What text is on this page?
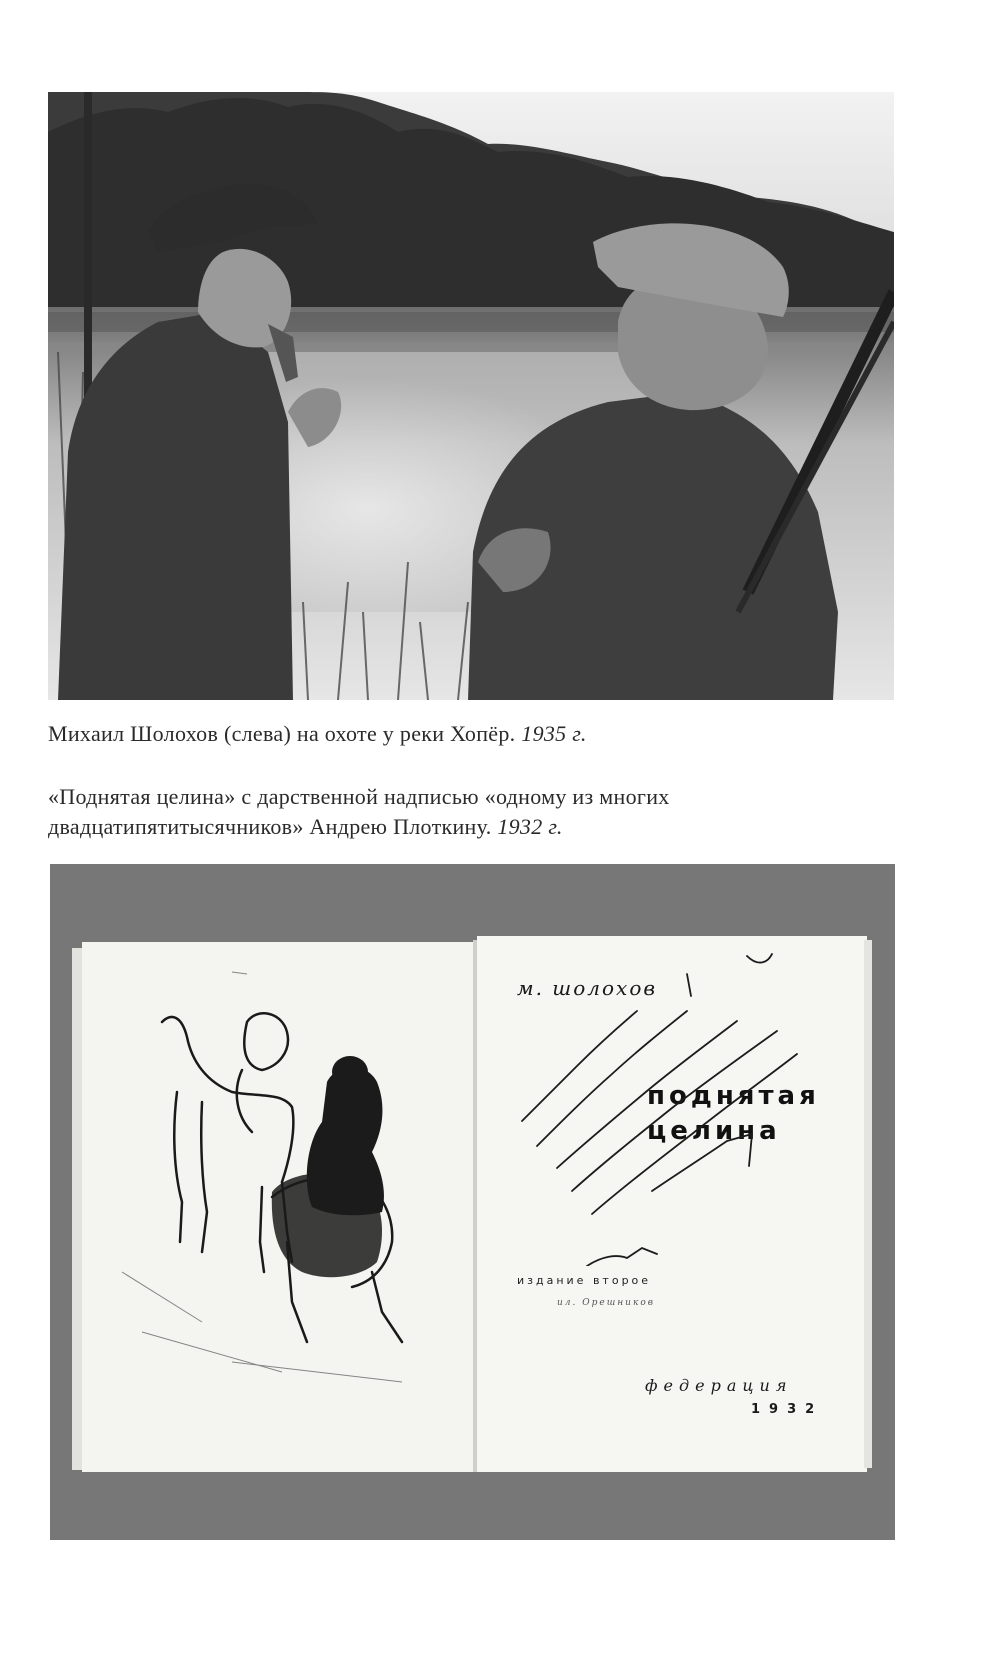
Михаил Шолохов (слева) на охоте у реки Хопёр. 1935 г.
«Поднятая целина» с дарственной надписью «одному из многих
двадцатипятитысячников» Андрею Плоткину. 1932 г.
м. шолохов
поднятая
целина
издание второе
ил. Орешников
федерация
1932
